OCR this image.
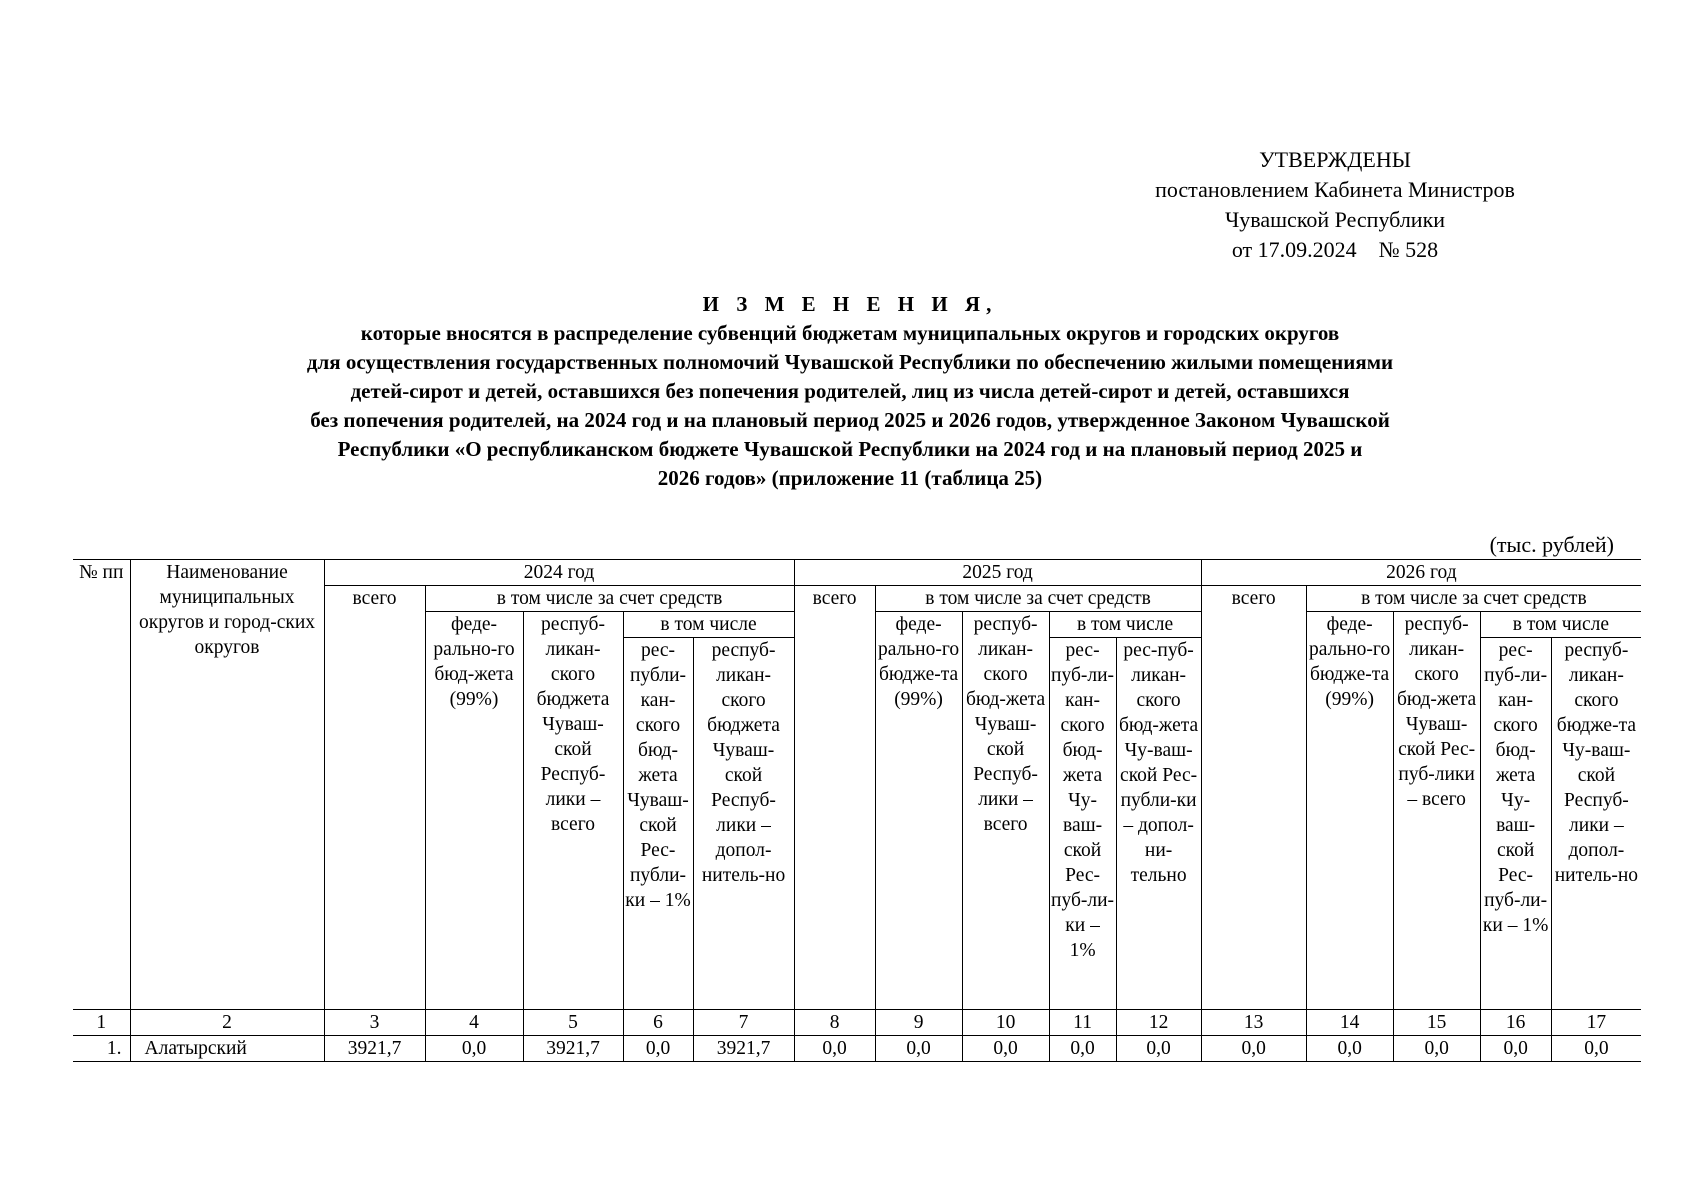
УТВЕРЖДЕНЫ
постановлением Кабинета Министров
Чувашской Республики
от 17.09.2024    № 528
И З М Е Н Е Н И Я,
которые вносятся в распределение субвенций бюджетам муниципальных округов и городских округов
для осуществления государственных полномочий Чувашской Республики по обеспечению жилыми помещениями
детей-сирот и детей, оставшихся без попечения родителей, лиц из числа детей-сирот и детей, оставшихся
без попечения родителей, на 2024 год и на плановый период 2025 и 2026 годов, утвержденное Законом Чувашской
Республики «О республиканском бюджете Чувашской Республики на 2024 год и на плановый период 2025 и
2026 годов» (приложение 11 (таблица 25)
(тыс. рублей)
№ пп	Наименование муниципальных округов и город-ских округов	2024 год					2025 год					2026 год				
		всего	в том числе за счет средств				всего	в том числе за счет средств				всего	в том числе за счет средств			
			феде-рально-го бюд-жета (99%)	респуб-ликан-ского бюджета Чуваш-ской Респуб-лики – всего	в том числе			феде-рально-го бюдже-та (99%)	респуб-ликан-ского бюд-жета Чуваш-ской Респуб-лики – всего	в том числе			феде-рально-го бюдже-та (99%)	респуб-ликан-ского бюд-жета Чуваш-ской Рес-пуб-лики – всего	в том числе	
					рес-публи-кан-ского бюд-жета Чуваш-ской Рес-публи-ки – 1%	респуб-ликан-ского бюджета Чуваш-ской Респуб-лики – допол-нитель-но				рес-пуб-ли-кан-ского бюд-жета Чу-ваш-ской Рес-пуб-ли-ки – 1%	рес-пуб-ликан-ского бюд-жета Чу-ваш-ской Рес-публи-ки – допол-ни-тельно				рес-пуб-ли-кан-ского бюд-жета Чу-ваш-ской Рес-пуб-ли-ки – 1%	респуб-ликан-ского бюдже-та Чу-ваш-ской Респуб-лики – допол-нитель-но
1	2	3	4	5	6	7	8	9	10	11	12	13	14	15	16	17
1.	Алатырский	3921,7	0,0	3921,7	0,0	3921,7	0,0	0,0	0,0	0,0	0,0	0,0	0,0	0,0	0,0	0,0
